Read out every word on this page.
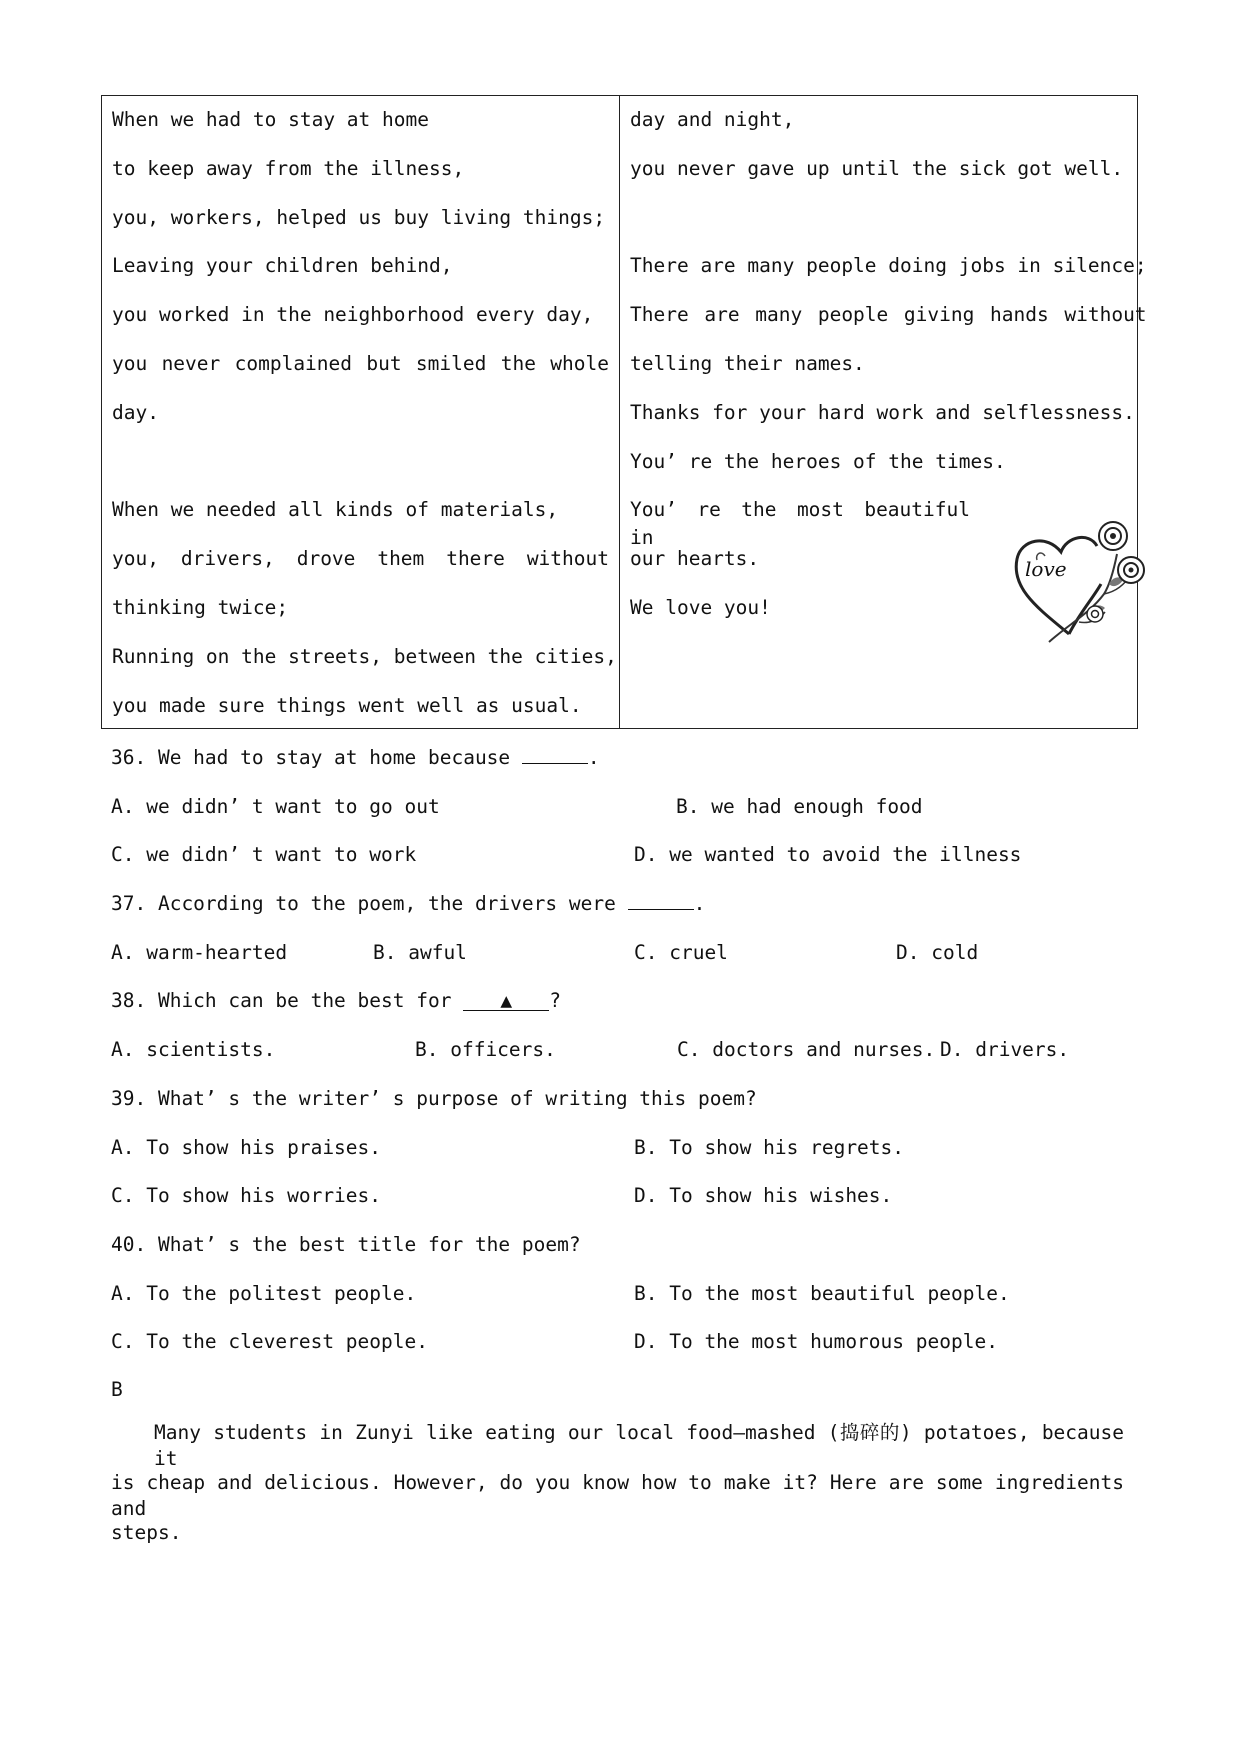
When we had to stay at home
to keep away from the illness,
you, workers, helped us buy living things;
Leaving your children behind,
you worked in the neighborhood every day,
you never complained but smiled the whole
day.
When we needed all kinds of materials,
you, drivers, drove them there without
thinking twice;
Running on the streets, between the cities,
you made sure things went well as usual.
day and night,
you never gave up until the sick got well.
There are many people doing jobs in silence;
There are many people giving hands without
telling their names.
Thanks for your hard work and selflessness.
You’ re the heroes of the times.
You’ re the most beautiful in
our hearts.
We love you!
love
36. We had to stay at home because	.
A. we didn’ t want to go out	B. we had enough food
C. we didn’ t want to work	D. we wanted to avoid the illness
37. According to the poem, the drivers were	.
A. warm-hearted	B. awful	C. cruel	D. cold
38. Which can be the best for ▲ ?
A. scientists.	B. officers.	C. doctors and nurses. D. drivers.
39. What’ s the writer’ s purpose of writing this poem?
A. To show his praises.	B. To show his regrets.
C. To show his worries.	D. To show his wishes.
40. What’ s the best title for the poem?
A. To the politest people.	B. To the most beautiful people.
C. To the cleverest people.	D. To the most humorous people.
B
Many students in Zunyi like eating our local food—mashed (捣碎的) potatoes, because it
is cheap and delicious. However, do you know how to make it? Here are some ingredients and
steps.
